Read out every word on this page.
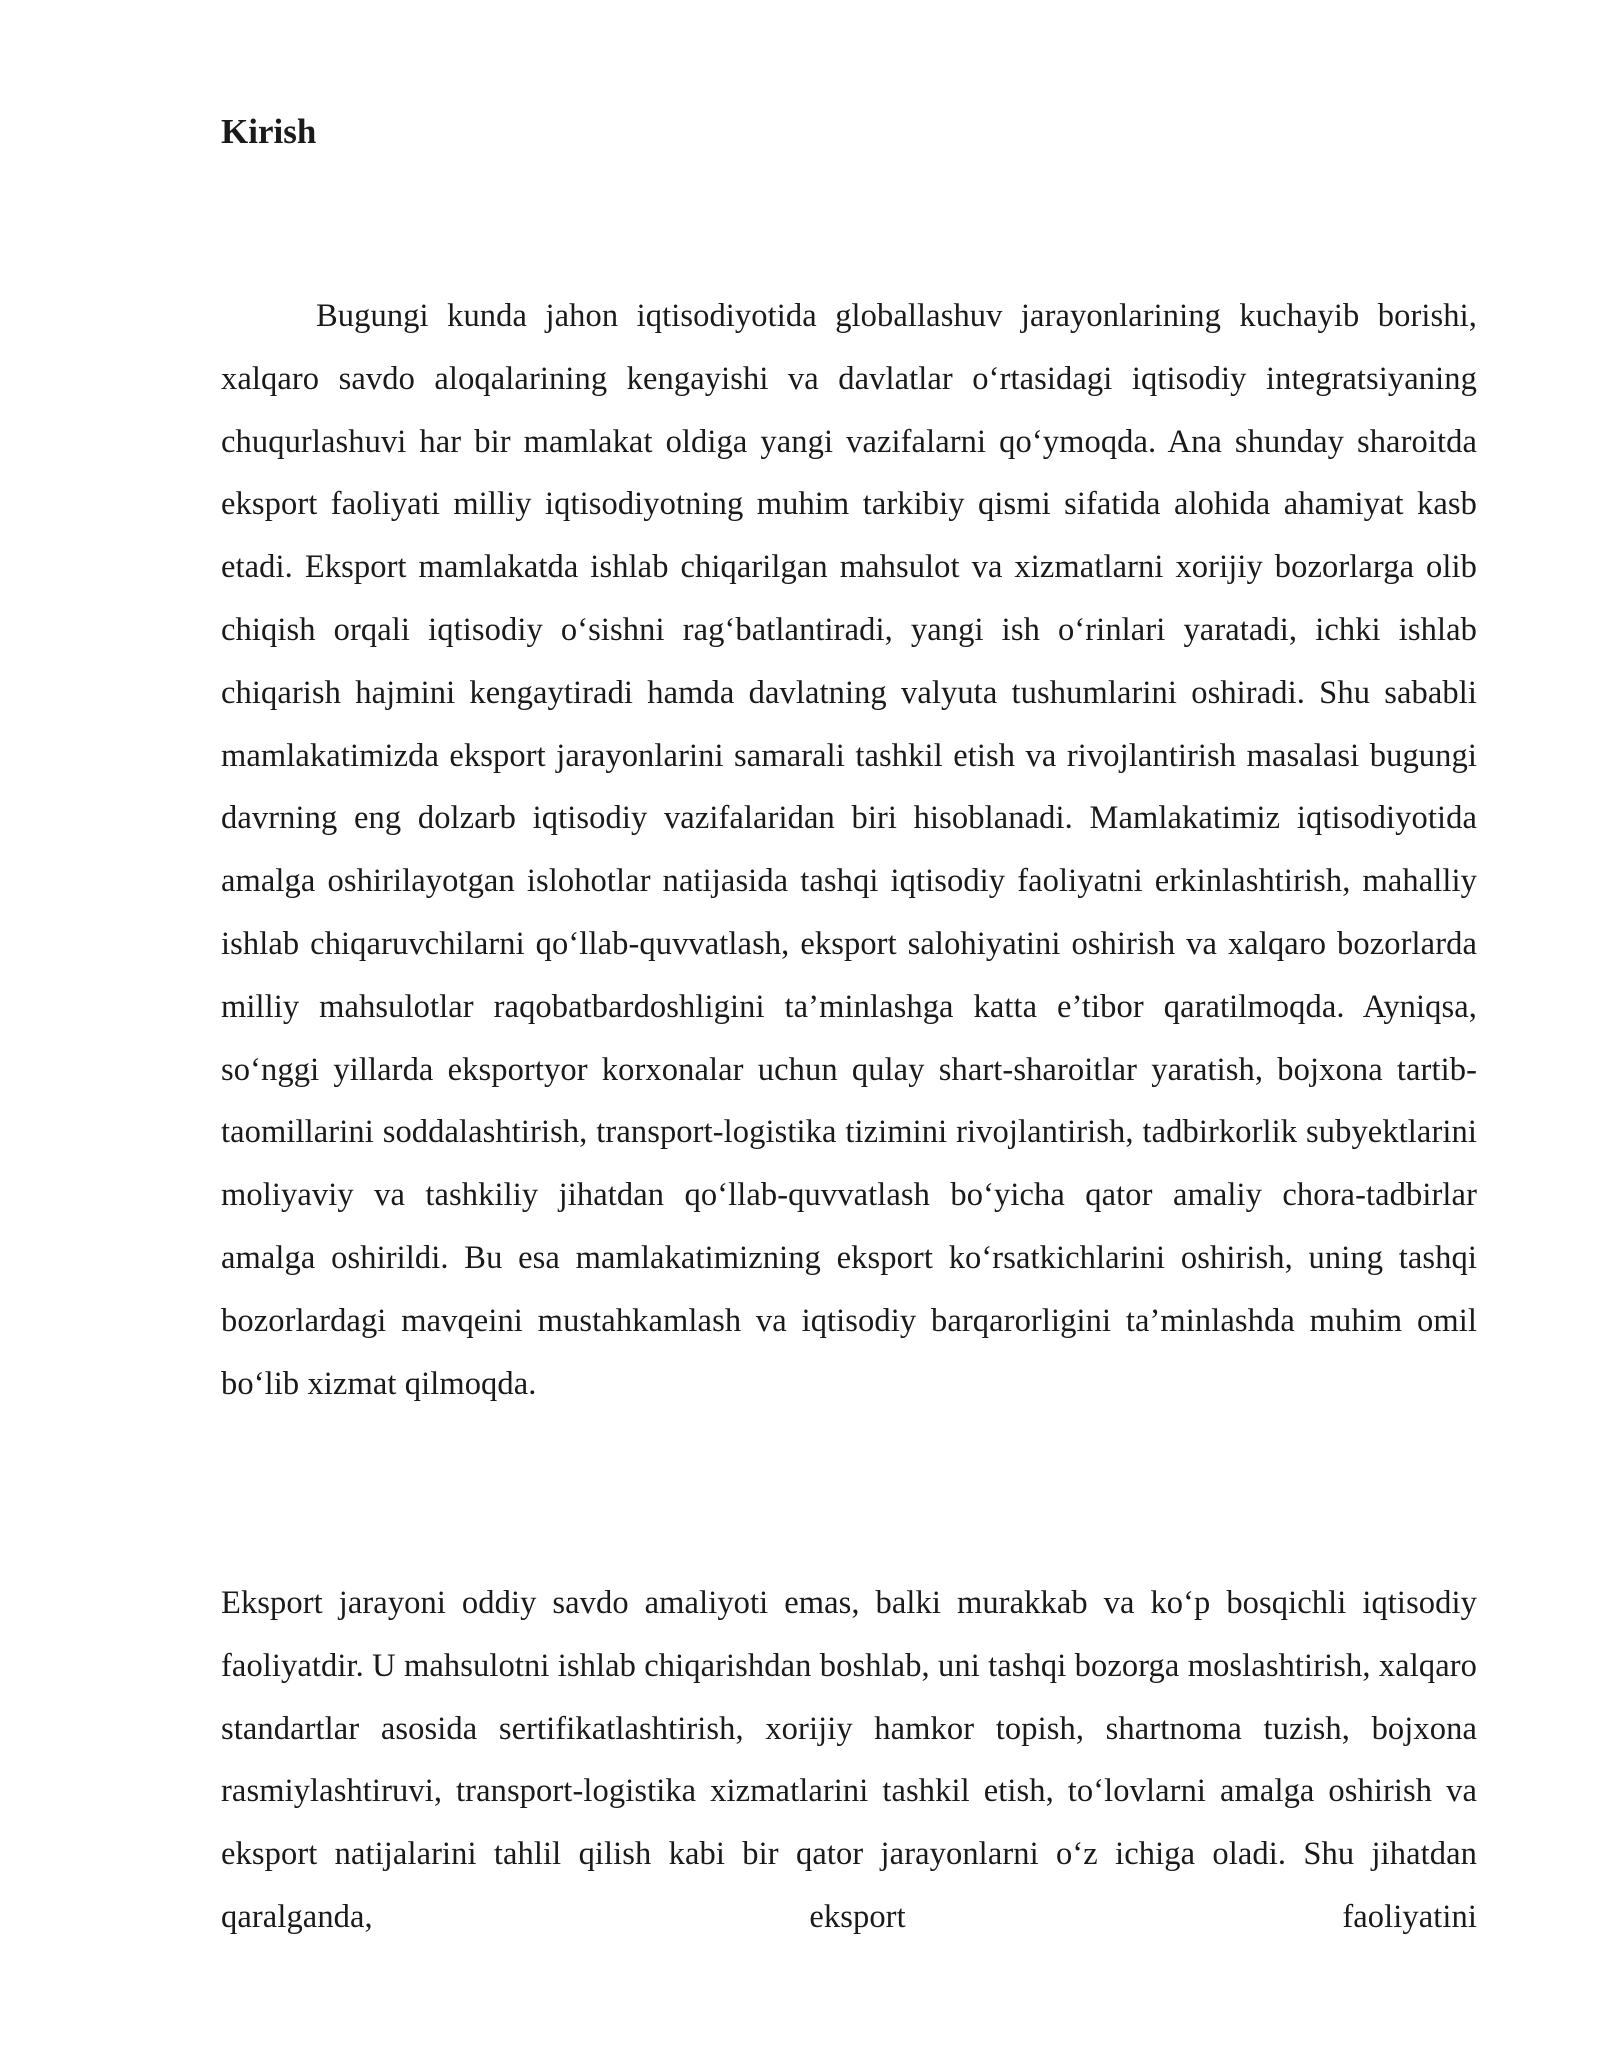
Kirish

Bugungi kunda jahon iqtisodiyotida globallashuv jarayonlarining kuchayib borishi, xalqaro savdo aloqalarining kengayishi va davlatlar o‘rtasidagi iqtisodiy integratsiyaning chuqurlashuvi har bir mamlakat oldiga yangi vazifalarni qo‘ymoqda. Ana shunday sharoitda eksport faoliyati milliy iqtisodiyotning muhim tarkibiy qismi sifatida alohida ahamiyat kasb etadi. Eksport mamlakatda ishlab chiqarilgan mahsulot va xizmatlarni xorijiy bozorlarga olib chiqish orqali iqtisodiy o‘sishni rag‘batlantiradi, yangi ish o‘rinlari yaratadi, ichki ishlab chiqarish hajmini kengaytiradi hamda davlatning valyuta tushumlarini oshiradi. Shu sababli mamlakatimizda eksport jarayonlarini samarali tashkil etish va rivojlantirish masalasi bugungi davrning eng dolzarb iqtisodiy vazifalaridan biri hisoblanadi. Mamlakatimiz iqtisodiyotida amalga oshirilayotgan islohotlar natijasida tashqi iqtisodiy faoliyatni erkinlashtirish, mahalliy ishlab chiqaruvchilarni qo‘llab-quvvatlash, eksport salohiyatini oshirish va xalqaro bozorlarda milliy mahsulotlar raqobatbardoshligini ta’minlashga katta e’tibor qaratilmoqda. Ayniqsa, so‘nggi yillarda eksportyor korxonalar uchun qulay shart-sharoitlar yaratish, bojxona tartib-taomillarini soddalashtirish, transport-logistika tizimini rivojlantirish, tadbirkorlik subyektlarini moliyaviy va tashkiliy jihatdan qo‘llab-quvvatlash bo‘yicha qator amaliy chora-tadbirlar amalga oshirildi. Bu esa mamlakatimizning eksport ko‘rsatkichlarini oshirish, uning tashqi bozorlardagi mavqeini mustahkamlash va iqtisodiy barqarorligini ta’minlashda muhim omil bo‘lib xizmat qilmoqda.

Eksport jarayoni oddiy savdo amaliyoti emas, balki murakkab va ko‘p bosqichli iqtisodiy faoliyatdir. U mahsulotni ishlab chiqarishdan boshlab, uni tashqi bozorga moslashtirish, xalqaro standartlar asosida sertifikatlashtirish, xorijiy hamkor topish, shartnoma tuzish, bojxona rasmiylashtiruvi, transport-logistika xizmatlarini tashkil etish, to‘lovlarni amalga oshirish va eksport natijalarini tahlil qilish kabi bir qator jarayonlarni o‘z ichiga oladi. Shu jihatdan qaralganda, eksport faoliyatini
